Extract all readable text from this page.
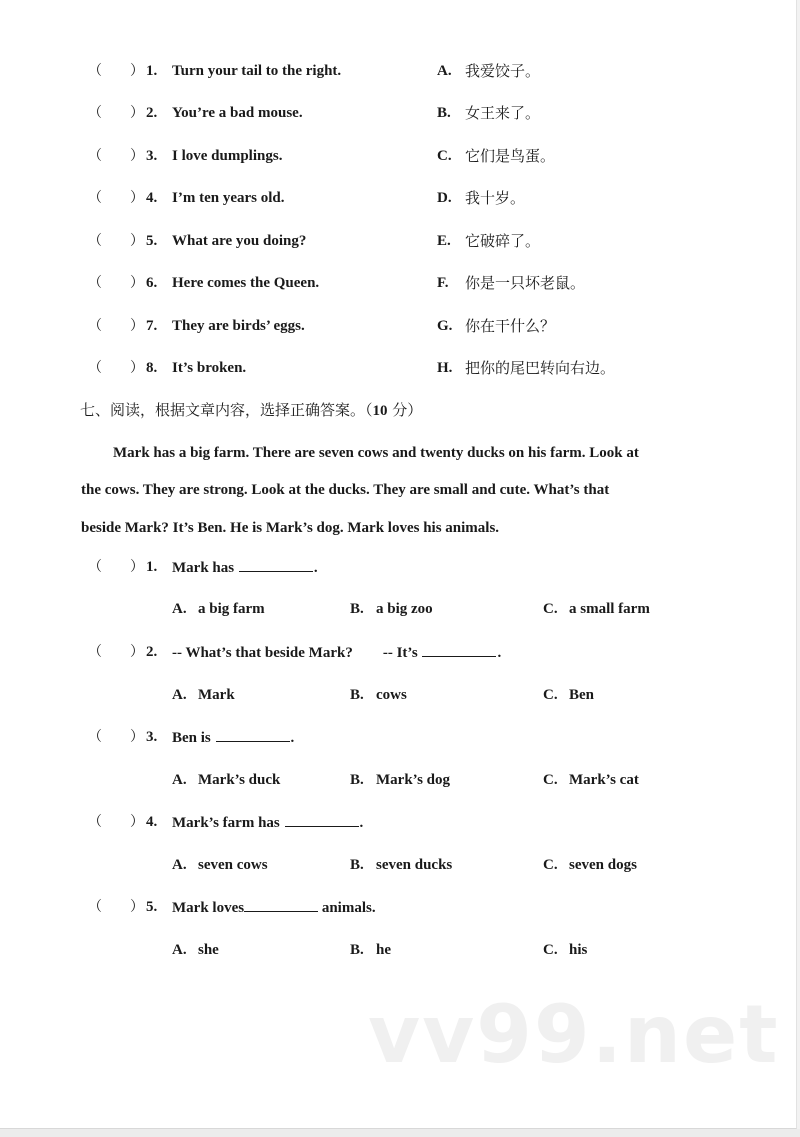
（ ） 1. Turn your tail to the right.	A. 我爱饺子。
（ ） 2. You’re a bad mouse.	B. 女王来了。
（ ） 3. I love dumplings.	C. 它们是鸟蛋。
（ ） 4. I’m ten years old.	D. 我十岁。
（ ） 5. What are you doing?	E. 它破碎了。
（ ） 6. Here comes the Queen.	F. 你是一只坏老鼠。
（ ） 7. They are birds’ eggs.	G. 你在干什么？
（ ） 8. It’s broken.	H. 把你的尾巴转向右边。
七、阅读，根据文章内容，选择正确答案。（10 分）
Mark has a big farm. There are seven cows and twenty ducks on his farm. Look at
the cows. They are strong. Look at the ducks. They are small and cute. What’s that
beside Mark? It’s Ben. He is Mark’s dog. Mark loves his animals.
（ ） 1. Mark has	.
A. a big farm	B. a big zoo	C. a small farm
（ ） 2. -- What’s that beside Mark?        -- It’s	.
A. Mark	B. cows	C. Ben
（ ） 3. Ben is	.
A. Mark’s duck	B. Mark’s dog	C. Mark’s cat
（ ） 4. Mark’s farm has	.
A. seven cows	B. seven ducks	C. seven dogs
（ ） 5. Mark loves	animals.
A. she	B. he	C. his
vv99.net
